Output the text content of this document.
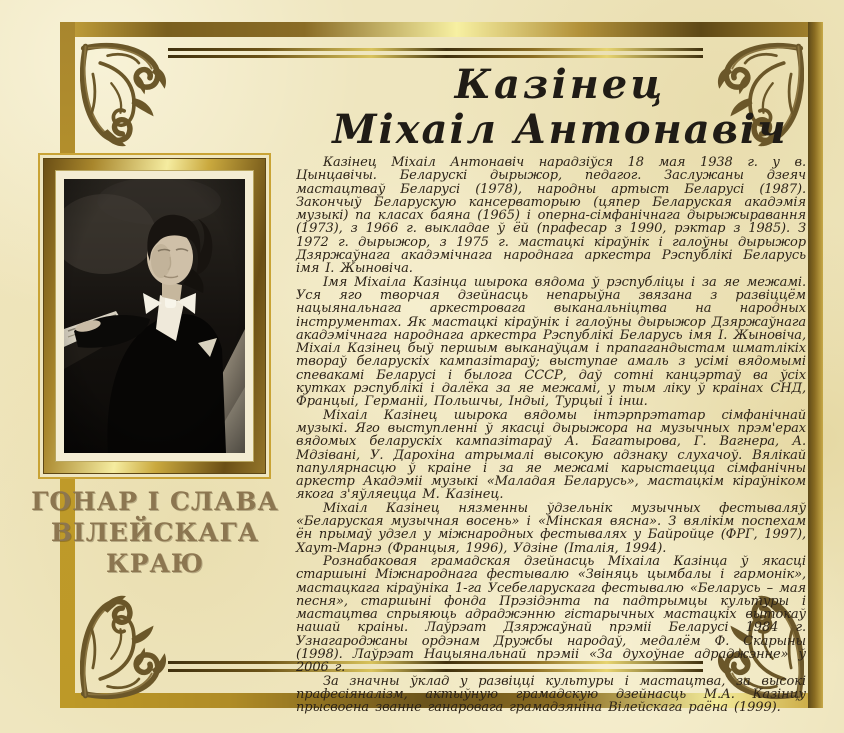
Казінец
Міхаіл Антонавіч
ГОНАР І СЛАВА
ВІЛЕЙСКАГА КРАЮ

Казінец Міхаіл Антонавіч нарадзіўся 18 мая 1938 г. у в. Цынцавічы. Беларускі дырыжор, педагог. Заслужаны дзеяч мастацтваў Беларусі (1978), народны артыст Беларусі (1987). Закончыў Беларускую кансерваторыю (цяпер Беларуская акадэмія музыкі) па класах баяна (1965) і оперна-сімфанічнага дырыжыравання (1973), з 1966 г. выкладае ў ёй (прафесар з 1990, рэктар з 1985). З 1972 г. дырыжор, з 1975 г. мастацкі кіраўнік і галоўны дырыжор Дзяржаўнага акадэмічнага народнага аркестра Рэспублікі Беларусь імя І. Жыновіча.

Імя Міхаіла Казінца шырока вядома ў рэспубліцы і за яе межамі. Уся яго творчая дзейнасць непарыўна звязана з развіццём нацыянальнага аркестровага выканальніцтва на народных інструментах. Як мастацкі кіраўнік і галоўны дырыжор Дзяржаўнага акадэмічнага народнага аркестра Рэспублікі Беларусь імя І. Жыновіча, Міхаіл Казінец быў першым выканаўцам і прапагандыстам шматлікіх твораў беларускіх кампазітараў; выступае амаль з усімі вядомымі спевакамі Беларусі і былога СССР, даў сотні канцэртаў ва ўсіх кутках рэспублікі і далёка за яе межамі, у тым ліку ў краінах СНД, Францыі, Германіі, Польшчы, Індыі, Турцыі і інш.

Міхаіл Казінец шырока вядомы інтэрпрэтатар сімфанічнай музыкі. Яго выступленні ў якасці дырыжора на музычных прэм'ерах вядомых беларускіх кампазітараў А. Багатырова, Г. Вагнера, А. Мдзівані, У. Дарохіна атрымалі высокую адзнаку слухачоў. Вялікай папулярнасцю ў краіне і за яе межамі карыстаецца сімфанічны аркестр Акадэміі музыкі «Маладая Беларусь», мастацкім кіраўніком якога з'яўляецца М. Казінец.

Міхаіл Казінец нязменны ўдзельнік музычных фестываляў «Беларуская музычная восень» і «Мінская вясна». З вялікім поспехам ён прымаў удзел у міжнародных фестывалях у Байройце (ФРГ, 1997), Хаут-Марнэ (Францыя, 1996), Удзіне (Італія, 1994).

Рознабаковая грамадская дзейнасць Міхаіла Казінца ў якасці старшыні Міжнароднага фестывалю «Звіняць цымбалы і гармонік», мастацкага кіраўніка 1-га Усебеларускага фестывалю «Беларусь – мая песня», старшыні фонда Прэзідэнта па падтрымцы культуры і мастацтва спрыяюць адраджэнню гістарычных мастацкіх вытокаў нашай краіны. Лаўрэат Дзяржаўнай прэміі Беларусі 1984 г. Узнагароджаны ордэнам Дружбы народаў, медалём Ф. Скарыны (1998). Лаўрэат Нацыянальнай прэміі «За духоўнае адраджэнне» ў 2006 г.

За значны ўклад у развіцці культуры і мастацтва, за высокі прафесіяналізм, актыўную грамадскую дзейнасць М.А. Казінцу прысвоена званне ганаровага грамадзяніна Вілейскага раёна (1999).
